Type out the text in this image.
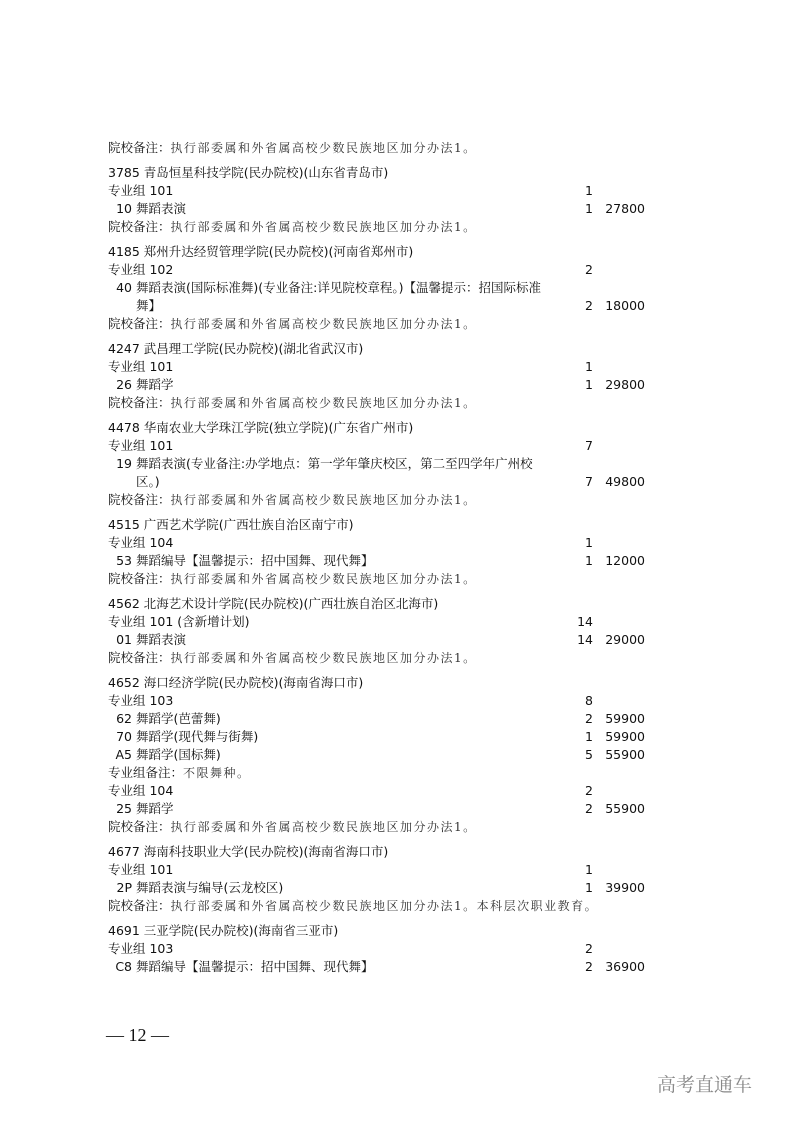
院校备注：执行部委属和外省属高校少数民族地区加分办法1。
3785 青岛恒星科技学院(民办院校)(山东省青岛市)
专业组 101	1
10 舞蹈表演	1 27800
院校备注：执行部委属和外省属高校少数民族地区加分办法1。
4185 郑州升达经贸管理学院(民办院校)(河南省郑州市)
专业组 102	2
40 舞蹈表演(国际标准舞)(专业备注:详见院校章程。)【温馨提示：招国际标准舞】	2 18000
院校备注：执行部委属和外省属高校少数民族地区加分办法1。
4247 武昌理工学院(民办院校)(湖北省武汉市)
专业组 101	1
26 舞蹈学	1 29800
院校备注：执行部委属和外省属高校少数民族地区加分办法1。
4478 华南农业大学珠江学院(独立学院)(广东省广州市)
专业组 101	7
19 舞蹈表演(专业备注:办学地点：第一学年肇庆校区，第二至四学年广州校区。)	7 49800
院校备注：执行部委属和外省属高校少数民族地区加分办法1。
4515 广西艺术学院(广西壮族自治区南宁市)
专业组 104	1
53 舞蹈编导【温馨提示：招中国舞、现代舞】	1 12000
院校备注：执行部委属和外省属高校少数民族地区加分办法1。
4562 北海艺术设计学院(民办院校)(广西壮族自治区北海市)
专业组 101 (含新增计划)	14
01 舞蹈表演	14 29000
院校备注：执行部委属和外省属高校少数民族地区加分办法1。
4652 海口经济学院(民办院校)(海南省海口市)
专业组 103	8
62 舞蹈学(芭蕾舞)	2 59900
70 舞蹈学(现代舞与街舞)	1 59900
A5 舞蹈学(国标舞)	5 55900
专业组备注：不限舞种。
专业组 104	2
25 舞蹈学	2 55900
院校备注：执行部委属和外省属高校少数民族地区加分办法1。
4677 海南科技职业大学(民办院校)(海南省海口市)
专业组 101	1
2P 舞蹈表演与编导(云龙校区)	1 39900
院校备注：执行部委属和外省属高校少数民族地区加分办法1。本科层次职业教育。
4691 三亚学院(民办院校)(海南省三亚市)
专业组 103	2
C8 舞蹈编导【温馨提示：招中国舞、现代舞】	2 36900
— 12 —
高考直通车
